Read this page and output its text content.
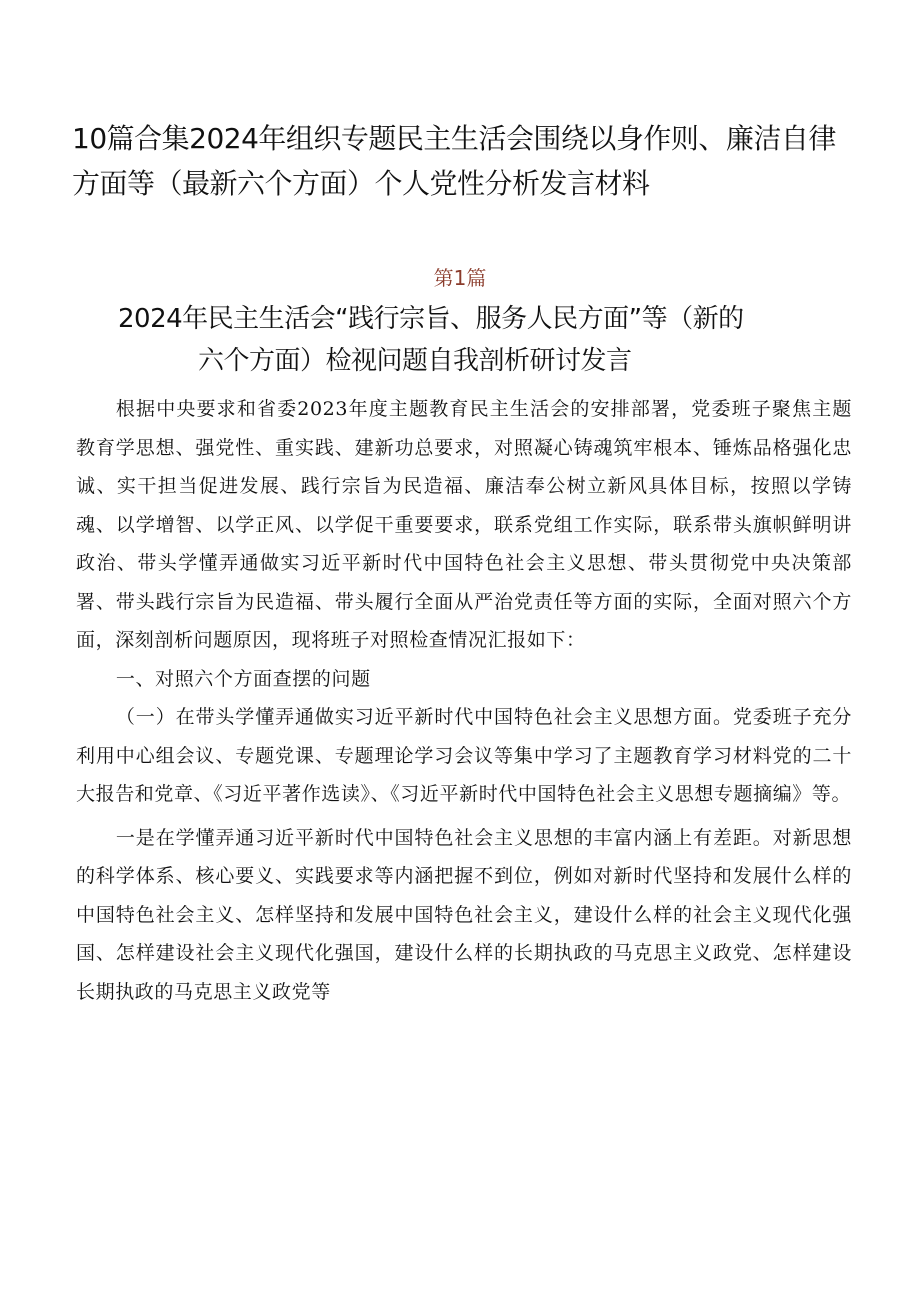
10篇合集2024年组织专题民主生活会围绕以身作则、廉洁自律方面等（最新六个方面）个人党性分析发言材料
第1篇
2024年民主生活会“践行宗旨、服务人民方面”等（新的
六个方面）检视问题自我剖析研讨发言

根据中央要求和省委2023年度主题教育民主生活会的安排部署，党委班子聚焦主题教育学思想、强党性、重实践、建新功总要求，对照凝心铸魂筑牢根本、锤炼品格强化忠诚、实干担当促进发展、践行宗旨为民造福、廉洁奉公树立新风具体目标，按照以学铸魂、以学增智、以学正风、以学促干重要要求，联系党组工作实际，联系带头旗帜鲜明讲政治、带头学懂弄通做实习近平新时代中国特色社会主义思想、带头贯彻党中央决策部署、带头践行宗旨为民造福、带头履行全面从严治党责任等方面的实际，全面对照六个方面，深刻剖析问题原因，现将班子对照检查情况汇报如下：

一、对照六个方面查摆的问题

（一）在带头学懂弄通做实习近平新时代中国特色社会主义思想方面。党委班子充分利用中心组会议、专题党课、专题理论学习会议等集中学习了主题教育学习材料党的二十大报告和党章、《习近平著作选读》、《习近平新时代中国特色社会主义思想专题摘编》等。

一是在学懂弄通习近平新时代中国特色社会主义思想的丰富内涵上有差距。对新思想的科学体系、核心要义、实践要求等内涵把握不到位，例如对新时代坚持和发展什么样的中国特色社会主义、怎样坚持和发展中国特色社会主义，建设什么样的社会主义现代化强国、怎样建设社会主义现代化强国，建设什么样的长期执政的马克思主义政党、怎样建设长期执政的马克思主义政党等
